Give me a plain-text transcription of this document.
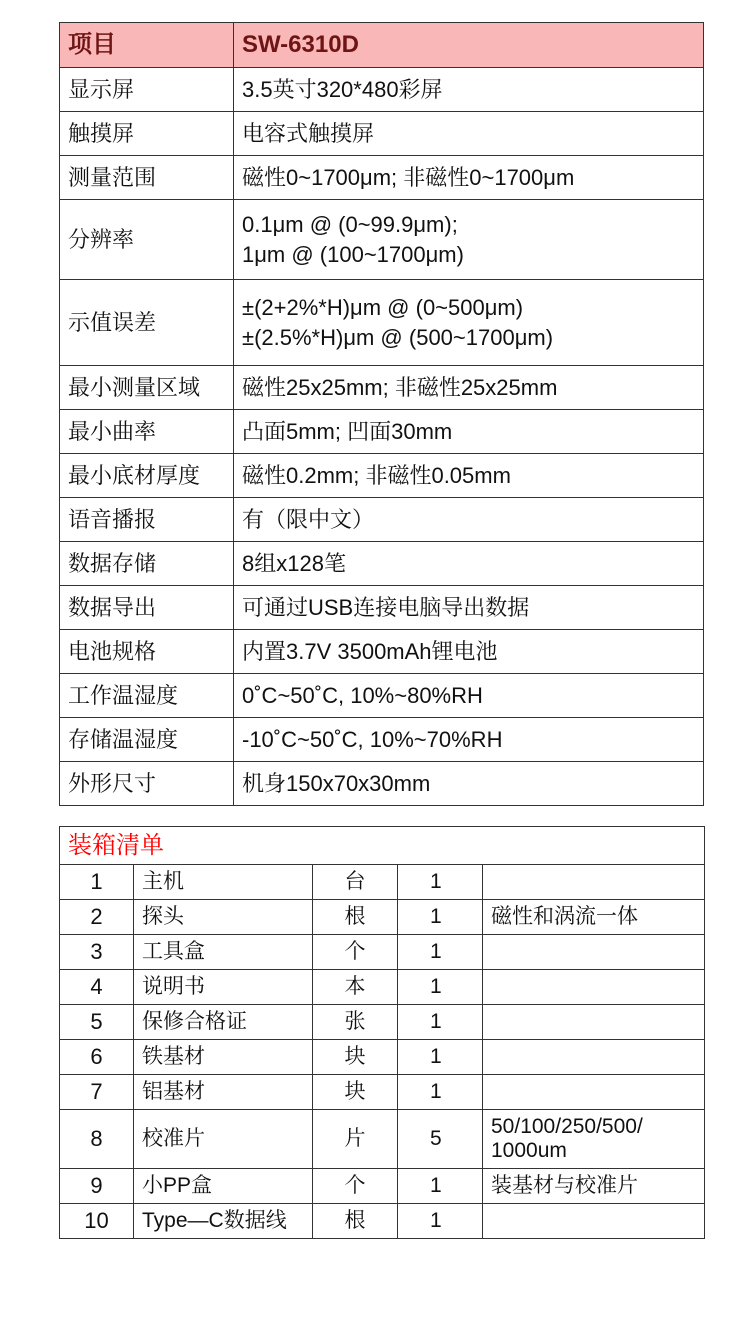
项目	SW-6310D
显示屏	3.5英寸320*480彩屏

触摸屏	电容式触摸屏

测量范围	磁性0~1700μm; 非磁性0~1700μm

分辨率	0.1μm @ (0~99.9μm);
1μm @ (100~1700μm)

示值误差	±(2+2%*H)μm @ (0~500μm)
±(2.5%*H)μm @ (500~1700μm)

最小测量区域	磁性25x25mm; 非磁性25x25mm

最小曲率	凸面5mm; 凹面30mm

最小底材厚度	磁性0.2mm; 非磁性0.05mm

语音播报	有（限中文）

数据存储	8组x128笔

数据导出	可通过USB连接电脑导出数据

电池规格	内置3.7V 3500mAh锂电池

工作温湿度	0˚C~50˚C, 10%~80%RH

存储温湿度	-10˚C~50˚C, 10%~70%RH

外形尺寸	机身150x70x30mm
装箱清单				
1	主机	台	1	
2	探头	根	1	磁性和涡流一体
3	工具盒	个	1	
4	说明书	本	1	
5	保修合格证	张	1	
6	铁基材	块	1	
7	铝基材	块	1	
8	校准片	片	5	50/100/250/500/
1000um

9	小PP盒	个	1	装基材与校准片
10	Type—C数据线	根	1	
